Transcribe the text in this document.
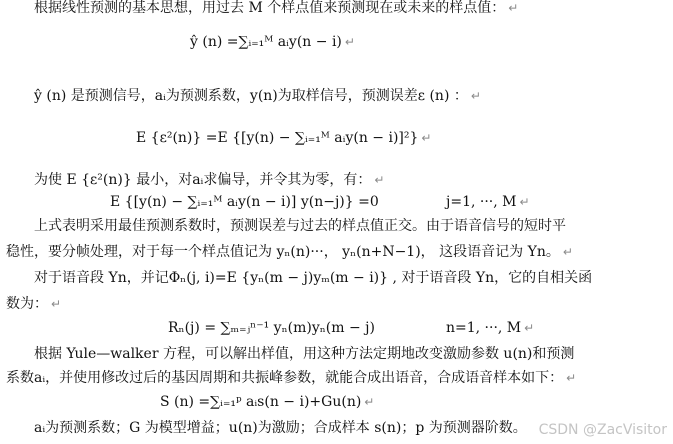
根据线性预测的基本思想，用过去 M 个样点值来预测现在或未来的样点值： ↵
ŷ (n) =∑ᵢ₌₁ᴹ aᵢy(n − i) ↵
ŷ (n) 是预测信号，aᵢ为预测系数，y(n)为取样信号，预测误差ε (n) ： ↵
E {ε²(n)} =E {[y(n) − ∑ᵢ₌₁ᴹ aᵢy(n − i)]²} ↵
为使 E {ε²(n)} 最小，对aᵢ求偏导，并令其为零，有： ↵
E {[y(n) − ∑ᵢ₌₁ᴹ aᵢy(n − i)] y(n−j)} =0	j=1, ···, M ↵
上式表明采用最佳预测系数时，预测误差与过去的样点值正交。由于语音信号的短时平
稳性，要分帧处理，对于每一个样点值记为 yₙ(n)···， yₙ(n+N−1)， 这段语音记为 Yn。 ↵
对于语音段 Yn，并记Φₙ(j, i)=E {yₙ(m − j)yₘ(m − i)} , 对于语音段 Yn，它的自相关函
数为： ↵
Rₙ(j) = ∑ₘ₌ⱼⁿ⁻¹ yₙ(m)yₙ(m − j)	n=1, ···, M ↵
根据 Yule—walker 方程，可以解出样值，用这种方法定期地改变激励参数 u(n)和预测
系数aᵢ，并使用修改过后的基因周期和共振峰参数，就能合成出语音，合成语音样本如下： ↵
S (n) =∑ᵢ₌₁ᵖ aᵢs(n − i)+Gu(n) ↵
aᵢ为预测系数；G 为模型增益；u(n)为激励；合成样本 s(n)；p 为预测器阶数。 CSDN @ZacVisitor
